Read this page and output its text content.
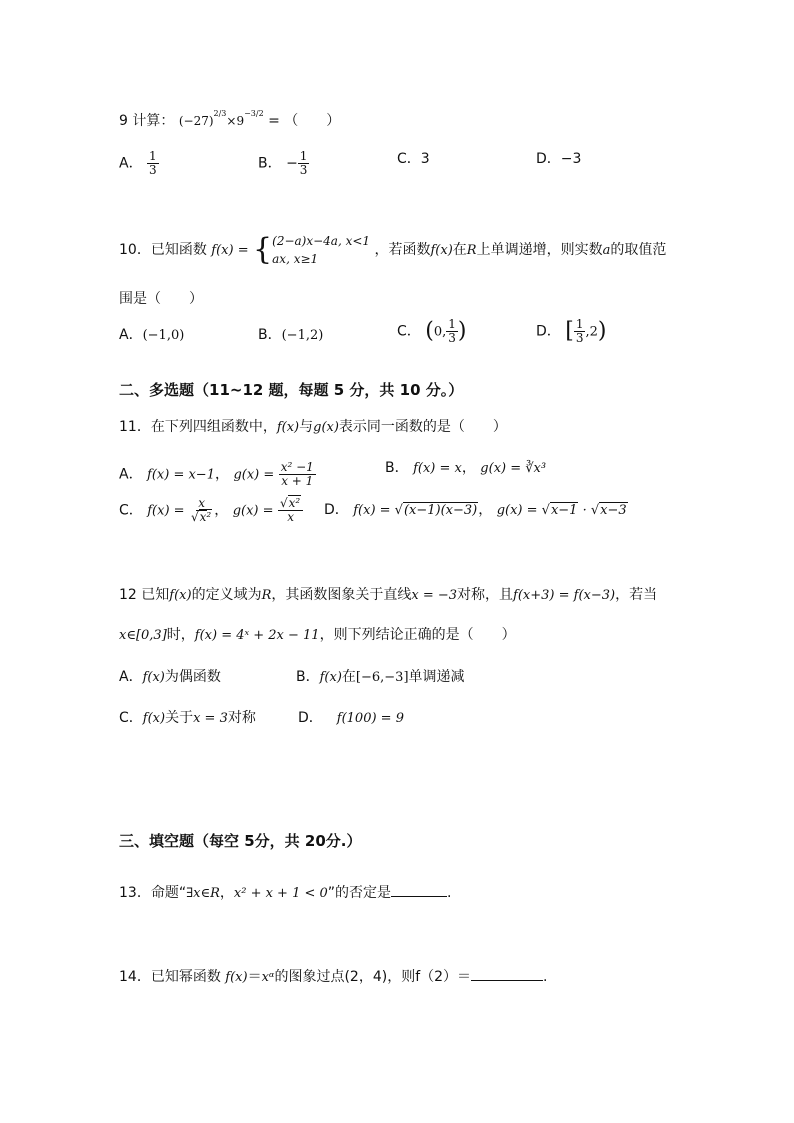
9 计算： $(-27)^{2/3}\times 9^{-3/2}$ = （　　）
A． $\frac{1}{3}$	B． − $\frac{1}{3}$	C．3	D．−3
10．已知函数 f(x) = { (2−a)x−4a, x<1
ax, x≥1
，若函数f(x)在R上单调递增，则实数a的取值范
围是（　　）
A．(−1,0)	B．(−1,2)	C． (0, $\frac{1}{3}$ )	D． [ $\frac{1}{3} ,2$)
二、多选题（11~12 题，每题 5 分，共 10 分。）
11．在下列四组函数中，f(x)与g(x)表示同一函数的是（　　）
A． f(x) = x−1， $g(x) = \frac{\text{x² −1}}{x + 1}$	B． f(x) = x， g(x) = ∛x³
C． $f(x) = \frac{x}{\text{√x²}}$ ， $g(x) = \frac{\text{√x²}}{x}$ D． f(x) = √(x−1)(x−3)， g(x) = √x−1 · √x−3
12 已知f(x)的定义域为R，其函数图象关于直线x = −3对称，且f(x+3) = f(x−3)，若当
x∈[0,3]时，f(x) = 4ˣ + 2x − 11，则下列结论正确的是（　　）
A．f(x)为偶函数	B．f(x)在[−6,−3]单调递减
C．f(x)关于x = 3对称	D． f(100) = 9
三、填空题（每空 5分，共 20分.）
13．命题“∃x∈R，x² + x + 1 < 0”的否定是	.
14．已知幂函数 f(x)＝xᵅ的图象过点(2，4)，则f（2）＝	.
